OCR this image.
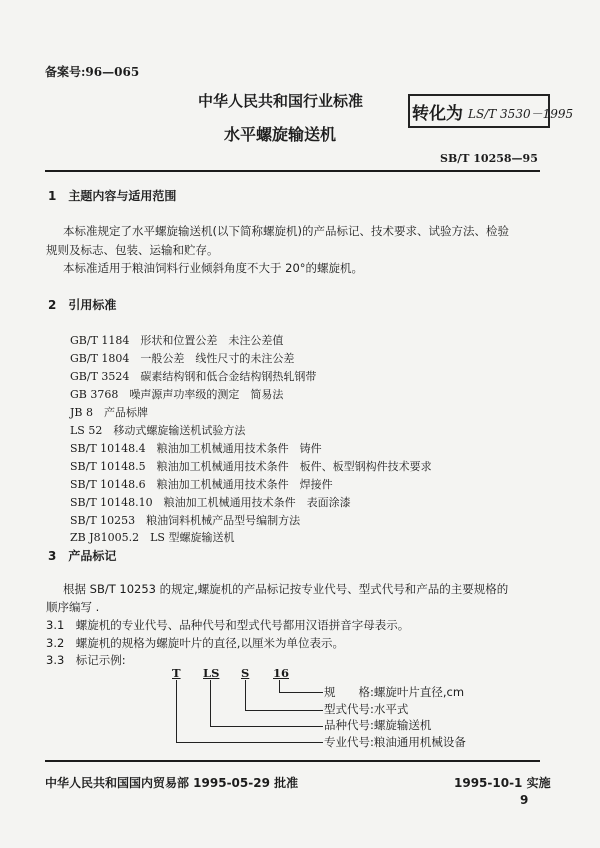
备案号:96—065
中华人民共和国行业标准
转化为 LS/T 3530－1995
水平螺旋输送机
SB/T 10258—95
1　主题内容与适用范围
本标准规定了水平螺旋输送机(以下简称螺旋机)的产品标记、技术要求、试验方法、检验
规则及标志、包装、运输和贮存。
本标准适用于粮油饲料行业倾斜角度不大于 20°的螺旋机。
2　引用标准
GB/T 1184　形状和位置公差　未注公差值
GB/T 1804　一般公差　线性尺寸的未注公差
GB/T 3524　碳素结构钢和低合金结构钢热轧钢带
GB 3768　噪声源声功率级的测定　简易法
JB 8　产品标牌
LS 52　移动式螺旋输送机试验方法
SB/T 10148.4　粮油加工机械通用技术条件　铸件
SB/T 10148.5　粮油加工机械通用技术条件　板件、板型钢构件技术要求
SB/T 10148.6　粮油加工机械通用技术条件　焊接件
SB/T 10148.10　粮油加工机械通用技术条件　表面涂漆
SB/T 10253　粮油饲料机械产品型号编制方法
ZB J81005.2　LS 型螺旋输送机
3　产品标记
根据 SB/T 10253 的规定,螺旋机的产品标记按专业代号、型式代号和产品的主要规格的
顺序编写 .
3.1　螺旋机的专业代号、品种代号和型式代号都用汉语拼音字母表示。
3.2　螺旋机的规格为螺旋叶片的直径,以厘米为单位表示。
3.3　标记示例:
T LS S 16
规　　格:螺旋叶片直径,cm
型式代号:水平式
品种代号:螺旋输送机
专业代号:粮油通用机械设备
中华人民共和国国内贸易部 1995-05-29 批准	1995-10-1 实施
9
